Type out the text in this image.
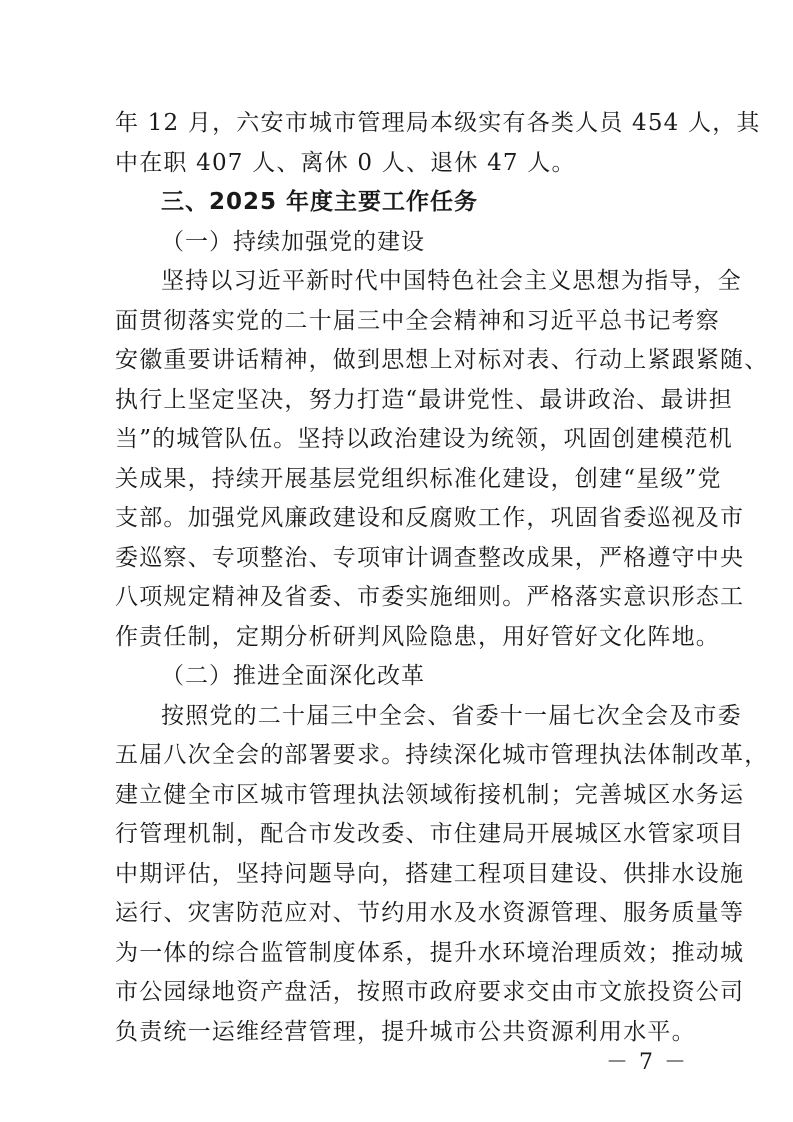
年 12 月，六安市城市管理局本级实有各类人员 454 人，其
中在职 407 人、离休 0 人、退休 47 人。
三、2025 年度主要工作任务
（一）持续加强党的建设
坚持以习近平新时代中国特色社会主义思想为指导，全
面贯彻落实党的二十届三中全会精神和习近平总书记考察
安徽重要讲话精神，做到思想上对标对表、行动上紧跟紧随、
执行上坚定坚决，努力打造“最讲党性、最讲政治、最讲担
当”的城管队伍。坚持以政治建设为统领，巩固创建模范机
关成果，持续开展基层党组织标准化建设，创建“星级”党
支部。加强党风廉政建设和反腐败工作，巩固省委巡视及市
委巡察、专项整治、专项审计调查整改成果，严格遵守中央
八项规定精神及省委、市委实施细则。严格落实意识形态工
作责任制，定期分析研判风险隐患，用好管好文化阵地。
（二）推进全面深化改革
按照党的二十届三中全会、省委十一届七次全会及市委
五届八次全会的部署要求。持续深化城市管理执法体制改革，
建立健全市区城市管理执法领域衔接机制；完善城区水务运
行管理机制，配合市发改委、市住建局开展城区水管家项目
中期评估，坚持问题导向，搭建工程项目建设、供排水设施
运行、灾害防范应对、节约用水及水资源管理、服务质量等
为一体的综合监管制度体系，提升水环境治理质效；推动城
市公园绿地资产盘活，按照市政府要求交由市文旅投资公司
负责统一运维经营管理，提升城市公共资源利用水平。
－ 7 －
